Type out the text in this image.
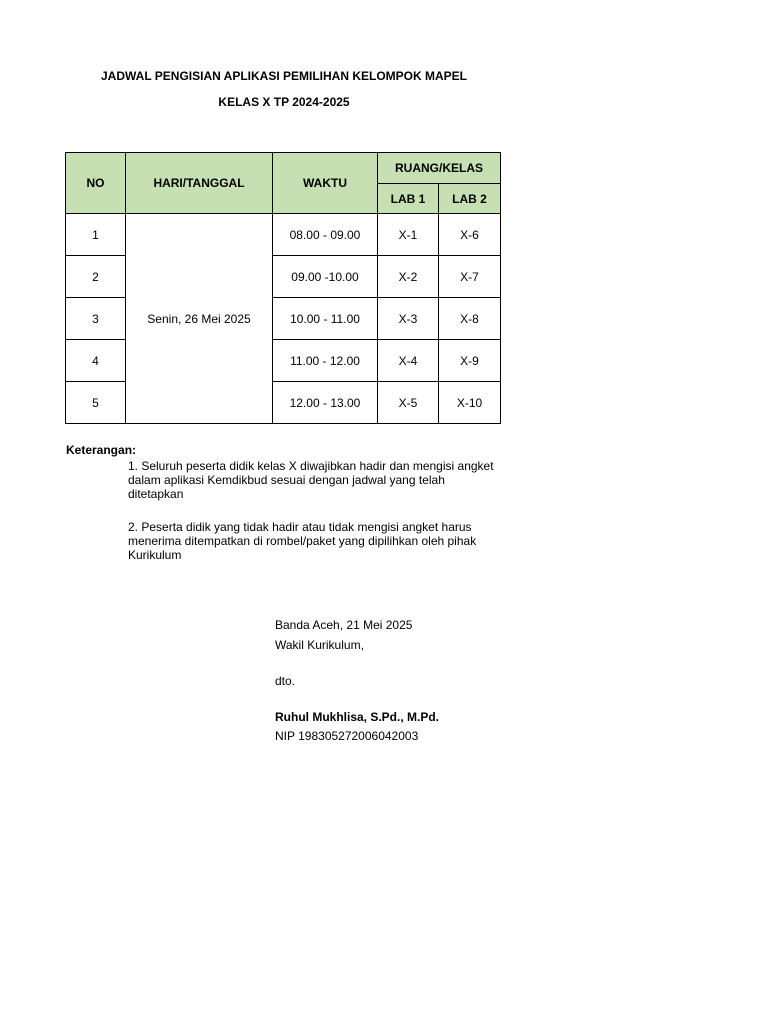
JADWAL PENGISIAN APLIKASI PEMILIHAN KELOMPOK MAPEL
KELAS X TP 2024-2025
NO	HARI/TANGGAL	WAKTU	RUANG/KELAS	
			LAB 1	LAB 2
1	Senin, 26 Mei 2025	08.00 - 09.00	X-1	X-6
2		09.00 -10.00	X-2	X-7
3		10.00 - 11.00	X-3	X-8
4		11.00 - 12.00	X-4	X-9
5		12.00 - 13.00	X-5	X-10
Keterangan:
1. Seluruh peserta didik kelas X diwajibkan hadir dan mengisi angket dalam aplikasi Kemdikbud sesuai dengan jadwal yang telah ditetapkan
2. Peserta didik yang tidak hadir atau tidak mengisi angket harus menerima ditempatkan di rombel/paket yang dipilihkan oleh pihak Kurikulum
Banda Aceh, 21 Mei 2025
Wakil Kurikulum,
dto.
Ruhul Mukhlisa, S.Pd., M.Pd.
NIP 198305272006042003
